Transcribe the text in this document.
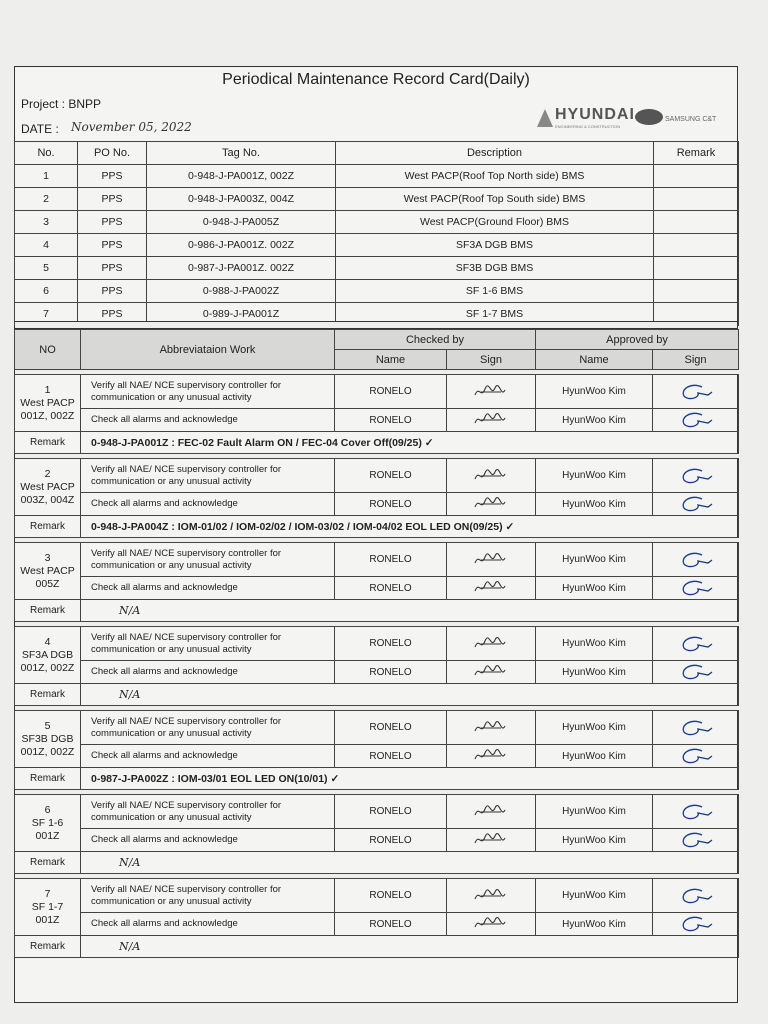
Periodical Maintenance Record Card(Daily)
Project : BNPP
DATE : November 05, 2022
HYUNDAI
ENGINEERING & CONSTRUCTION
SAMSUNG C&T
No.	PO No.	Tag No.	Description	Remark
1	PPS	0-948-J-PA001Z, 002Z	West PACP(Roof Top North side) BMS	
2	PPS	0-948-J-PA003Z, 004Z	West PACP(Roof Top South side) BMS	
3	PPS	0-948-J-PA005Z	West PACP(Ground Floor) BMS	
4	PPS	0-986-J-PA001Z. 002Z	SF3A DGB BMS	
5	PPS	0-987-J-PA001Z. 002Z	SF3B DGB BMS	
6	PPS	0-988-J-PA002Z	SF 1-6 BMS	
7	PPS	0-989-J-PA001Z	SF 1-7 BMS	
NO	Abbreviataion Work	Checked by		Approved by	
		Name	Sign	Name	Sign

1
West PACP
001Z, 002Z	Verify all NAE/ NCE supervisory controller for communication or any unusual activity	RONELO		HyunWoo Kim	
	Check all alarms and acknowledge	RONELO		HyunWoo Kim	
Remark	0-948-J-PA001Z : FEC-02 Fault Alarm ON / FEC-04 Cover Off(09/25) ✓				

2
West PACP
003Z, 004Z	Verify all NAE/ NCE supervisory controller for communication or any unusual activity	RONELO		HyunWoo Kim	
	Check all alarms and acknowledge	RONELO		HyunWoo Kim	
Remark	0-948-J-PA004Z : IOM-01/02 / IOM-02/02 / IOM-03/02 / IOM-04/02 EOL LED ON(09/25) ✓				

3
West PACP
005Z	Verify all NAE/ NCE supervisory controller for communication or any unusual activity	RONELO		HyunWoo Kim	
	Check all alarms and acknowledge	RONELO		HyunWoo Kim	
Remark	N/A				

4
SF3A DGB
001Z, 002Z	Verify all NAE/ NCE supervisory controller for communication or any unusual activity	RONELO		HyunWoo Kim	
	Check all alarms and acknowledge	RONELO		HyunWoo Kim	
Remark	N/A				

5
SF3B DGB
001Z, 002Z	Verify all NAE/ NCE supervisory controller for communication or any unusual activity	RONELO		HyunWoo Kim	
	Check all alarms and acknowledge	RONELO		HyunWoo Kim	
Remark	0-987-J-PA002Z : IOM-03/01 EOL LED ON(10/01) ✓				

6
SF 1-6
001Z	Verify all NAE/ NCE supervisory controller for communication or any unusual activity	RONELO		HyunWoo Kim	
	Check all alarms and acknowledge	RONELO		HyunWoo Kim	
Remark	N/A				

7
SF 1-7
001Z	Verify all NAE/ NCE supervisory controller for communication or any unusual activity	RONELO		HyunWoo Kim	
	Check all alarms and acknowledge	RONELO		HyunWoo Kim	
Remark	N/A				
